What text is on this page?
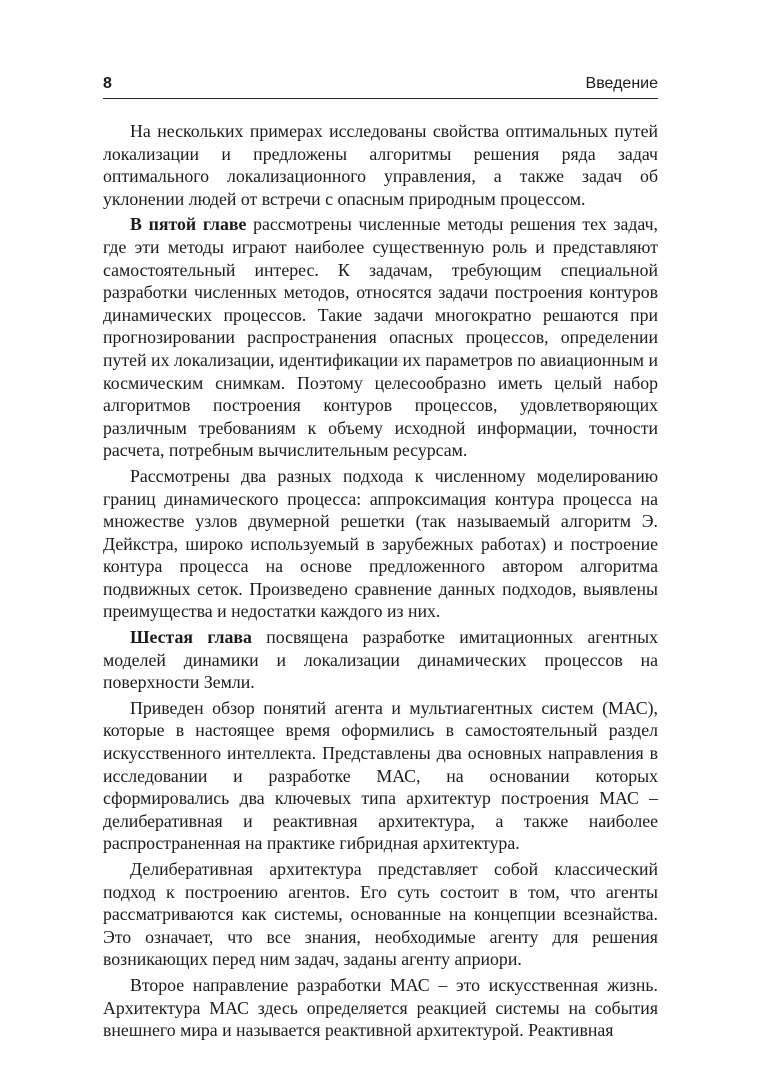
8	Введение

На нескольких примерах исследованы свойства оптимальных путей локализации и предложены алгоритмы решения ряда задач оптимального локализационного управления, а также задач об уклонении людей от встречи с опасным природным процессом.

В пятой главе рассмотрены численные методы решения тех задач, где эти методы играют наиболее существенную роль и представляют самостоятельный интерес. К задачам, требующим специальной разработки численных методов, относятся задачи построения контуров динамических процессов. Такие задачи многократно решаются при прогнозировании распространения опасных процессов, определении путей их локализации, идентификации их параметров по авиационным и космическим снимкам. Поэтому целесообразно иметь целый набор алгоритмов построения контуров процессов, удовлетворяющих различным требованиям к объему исходной информации, точности расчета, потребным вычислительным ресурсам.

Рассмотрены два разных подхода к численному моделированию границ динамического процесса: аппроксимация контура процесса на множестве узлов двумерной решетки (так называемый алгоритм Э. Дейкстра, широко используемый в зарубежных работах) и построение контура процесса на основе предложенного автором алгоритма подвижных сеток. Произведено сравнение данных подходов, выявлены преимущества и недостатки каждого из них.

Шестая глава посвящена разработке имитационных агентных моделей динамики и локализации динамических процессов на поверхности Земли.

Приведен обзор понятий агента и мультиагентных систем (МАС), которые в настоящее время оформились в самостоятельный раздел искусственного интеллекта. Представлены два основных направления в исследовании и разработке МАС, на основании которых сформировались два ключевых типа архитектур построения МАС – делиберативная и реактивная архитектура, а также наиболее распространенная на практике гибридная архитектура.

Делиберативная архитектура представляет собой классический подход к построению агентов. Его суть состоит в том, что агенты рассматриваются как системы, основанные на концепции всезнайства. Это означает, что все знания, необходимые агенту для решения возникающих перед ним задач, заданы агенту априори.

Второе направление разработки МАС – это искусственная жизнь. Архитектура МАС здесь определяется реакцией системы на события внешнего мира и называется реактивной архитектурой. Реактивная
